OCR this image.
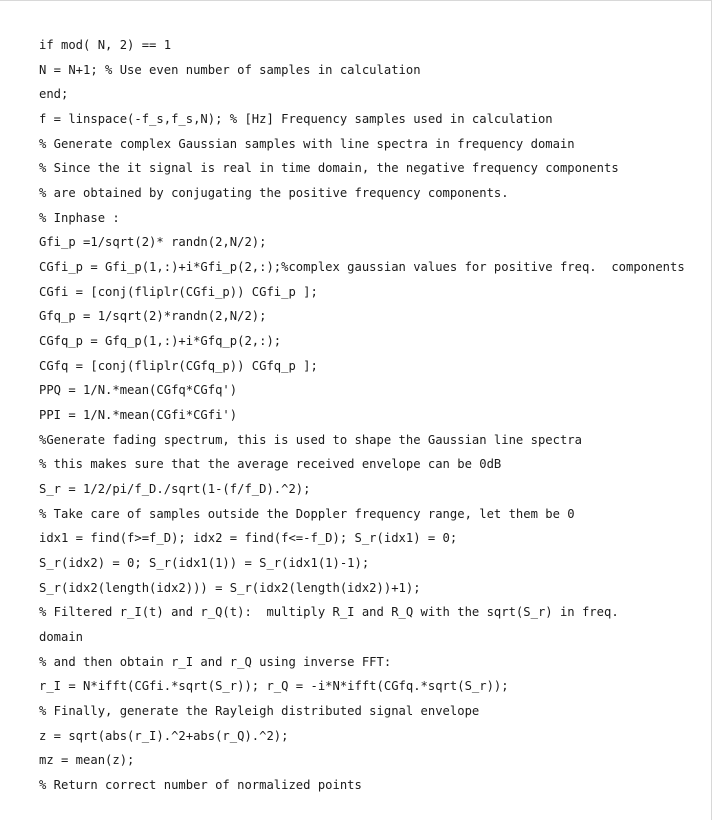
if mod( N, 2) == 1
N = N+1; % Use even number of samples in calculation
end;
f = linspace(-f_s,f_s,N); % [Hz] Frequency samples used in calculation
% Generate complex Gaussian samples with line spectra in frequency domain
% Since the it signal is real in time domain, the negative frequency components
% are obtained by conjugating the positive frequency components.
% Inphase :
Gfi_p =1/sqrt(2)* randn(2,N/2);
CGfi_p = Gfi_p(1,:)+i*Gfi_p(2,:);%complex gaussian values for positive freq.  components
CGfi = [conj(fliplr(CGfi_p)) CGfi_p ];
Gfq_p = 1/sqrt(2)*randn(2,N/2);
CGfq_p = Gfq_p(1,:)+i*Gfq_p(2,:);
CGfq = [conj(fliplr(CGfq_p)) CGfq_p ];
PPQ = 1/N.*mean(CGfq*CGfq')
PPI = 1/N.*mean(CGfi*CGfi')
%Generate fading spectrum, this is used to shape the Gaussian line spectra
% this makes sure that the average received envelope can be 0dB
S_r = 1/2/pi/f_D./sqrt(1-(f/f_D).^2);
% Take care of samples outside the Doppler frequency range, let them be 0
idx1 = find(f>=f_D); idx2 = find(f<=-f_D); S_r(idx1) = 0;
S_r(idx2) = 0; S_r(idx1(1)) = S_r(idx1(1)-1);
S_r(idx2(length(idx2))) = S_r(idx2(length(idx2))+1);
% Filtered r_I(t) and r_Q(t):  multiply R_I and R_Q with the sqrt(S_r) in freq.
domain
% and then obtain r_I and r_Q using inverse FFT:
r_I = N*ifft(CGfi.*sqrt(S_r)); r_Q = -i*N*ifft(CGfq.*sqrt(S_r));
% Finally, generate the Rayleigh distributed signal envelope
z = sqrt(abs(r_I).^2+abs(r_Q).^2);
mz = mean(z);
% Return correct number of normalized points
